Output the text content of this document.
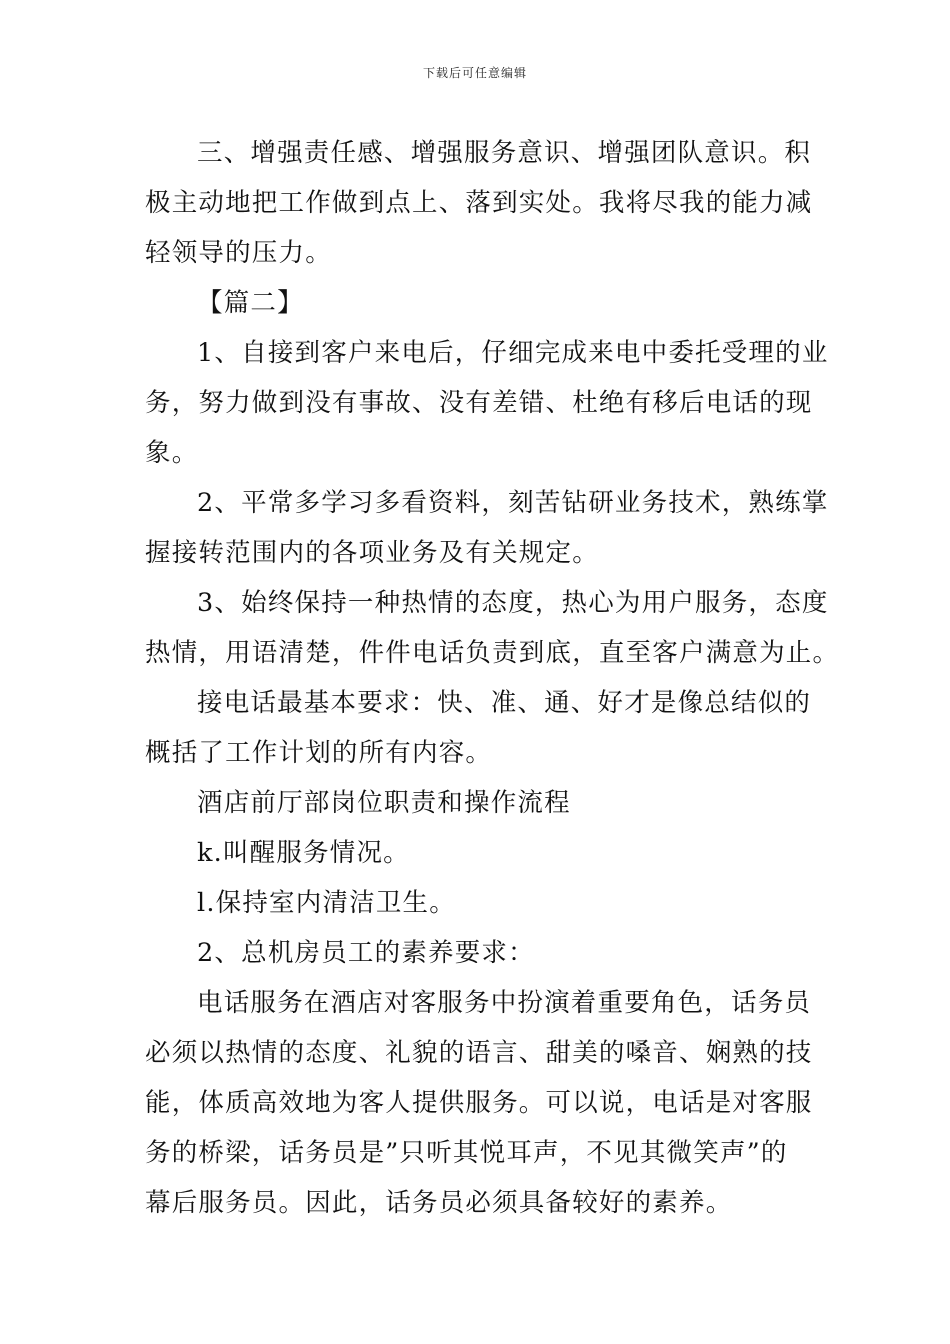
下载后可任意编辑

三、增强责任感、增强服务意识、增强团队意识。积
极主动地把工作做到点上、落到实处。我将尽我的能力减
轻领导的压力。

【篇二】

1、自接到客户来电后，仔细完成来电中委托受理的业
务，努力做到没有事故、没有差错、杜绝有移后电话的现
象。

2、平常多学习多看资料，刻苦钻研业务技术，熟练掌
握接转范围内的各项业务及有关规定。

3、始终保持一种热情的态度，热心为用户服务，态度
热情，用语清楚，件件电话负责到底，直至客户满意为止。

接电话最基本要求：快、准、通、好才是像总结似的
概括了工作计划的所有内容。

酒店前厅部岗位职责和操作流程

k.叫醒服务情况。

l.保持室内清洁卫生。

2、总机房员工的素养要求：

电话服务在酒店对客服务中扮演着重要角色，话务员
必须以热情的态度、礼貌的语言、甜美的嗓音、娴熟的技
能，体质高效地为客人提供服务。可以说，电话是对客服
务的桥梁，话务员是”只听其悦耳声，不见其微笑声”的
幕后服务员。因此，话务员必须具备较好的素养。
